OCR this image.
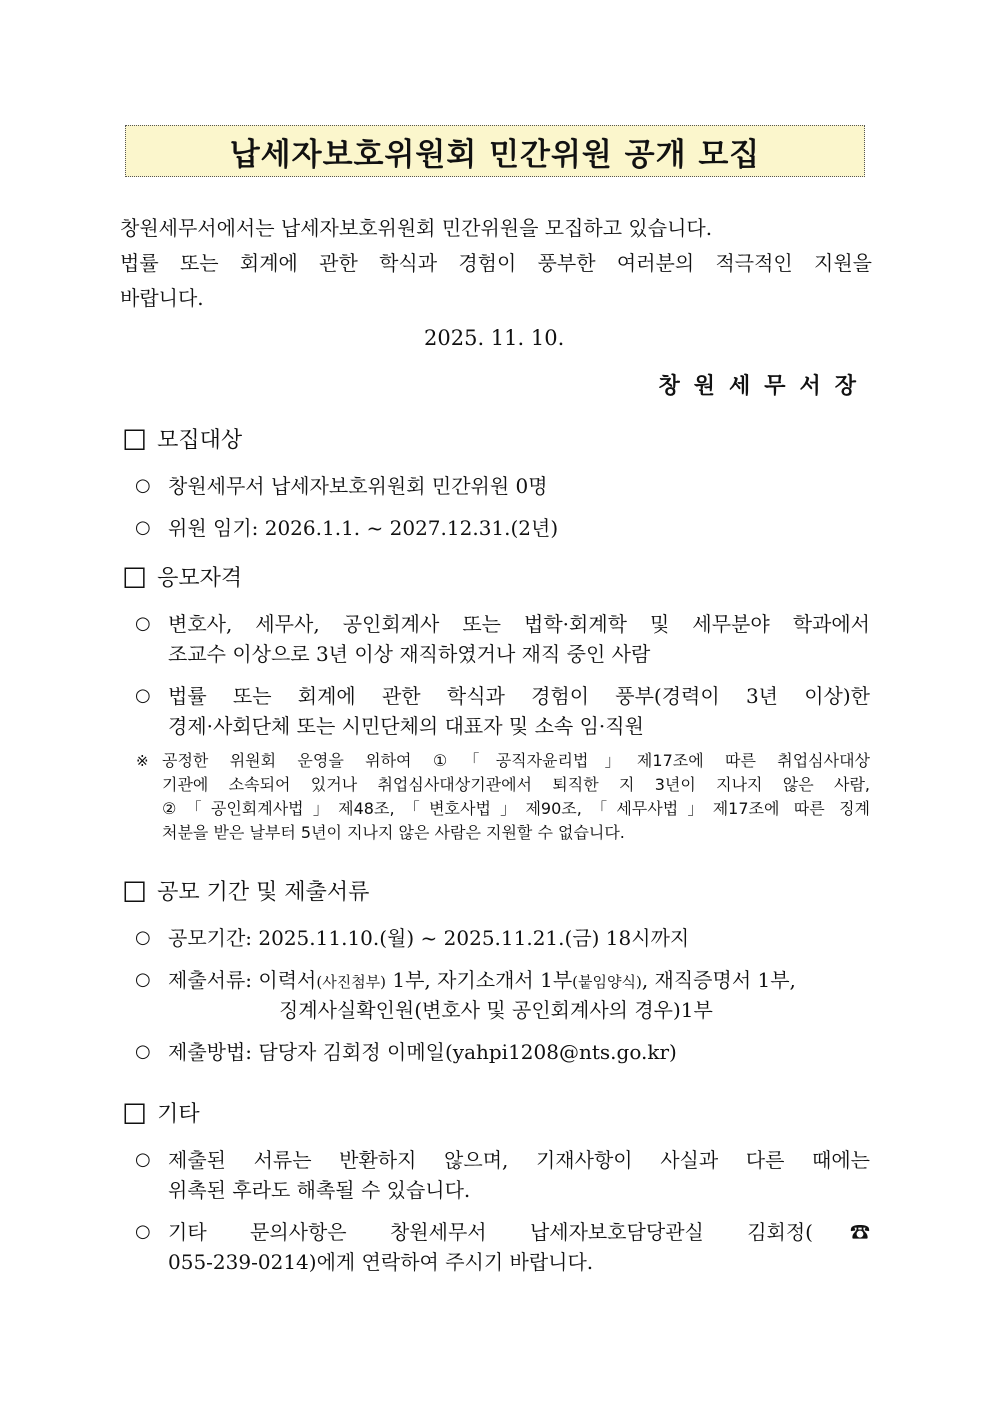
납세자보호위원회 민간위원 공개 모집
창원세무서에서는 납세자보호위원회 민간위원을 모집하고 있습니다.
법률 또는 회계에 관한 학식과 경험이 풍부한 여러분의 적극적인 지원을
바랍니다.
2025. 11. 10.
창원세무서장
☐ 모집대상
○ 창원세무서 납세자보호위원회 민간위원 0명
○ 위원 임기: 2026.1.1. ~ 2027.12.31.(2년)
☐ 응모자격
○ 변호사, 세무사, 공인회계사 또는 법학·회계학 및 세무분야 학과에서
조교수 이상으로 3년 이상 재직하였거나 재직 중인 사람
○ 법률 또는 회계에 관한 학식과 경험이 풍부(경력이 3년 이상)한
경제·사회단체 또는 시민단체의 대표자 및 소속 임·직원
※ 공정한 위원회 운영을 위하여 ①「공직자윤리법」제17조에 따른 취업심사대상
기관에 소속되어 있거나 취업심사대상기관에서 퇴직한 지 3년이 지나지 않은 사람,
②「공인회계사법」제48조,「변호사법」제90조,「세무사법」제17조에 따른 징계
처분을 받은 날부터 5년이 지나지 않은 사람은 지원할 수 없습니다.
☐ 공모 기간 및 제출서류
○ 공모기간: 2025.11.10.(월) ~ 2025.11.21.(금) 18시까지
○ 제출서류: 이력서(사진첨부) 1부, 자기소개서 1부(붙임양식), 재직증명서 1부,
징계사실확인원(변호사 및 공인회계사의 경우)1부
○ 제출방법: 담당자 김회정 이메일(yahpi1208@nts.go.kr)
☐ 기타
○ 제출된 서류는 반환하지 않으며, 기재사항이 사실과 다른 때에는
위촉된 후라도 해촉될 수 있습니다.
○ 기타 문의사항은 창원세무서 납세자보호담당관실 김회정(☎
055-239-0214)에게 연락하여 주시기 바랍니다.
